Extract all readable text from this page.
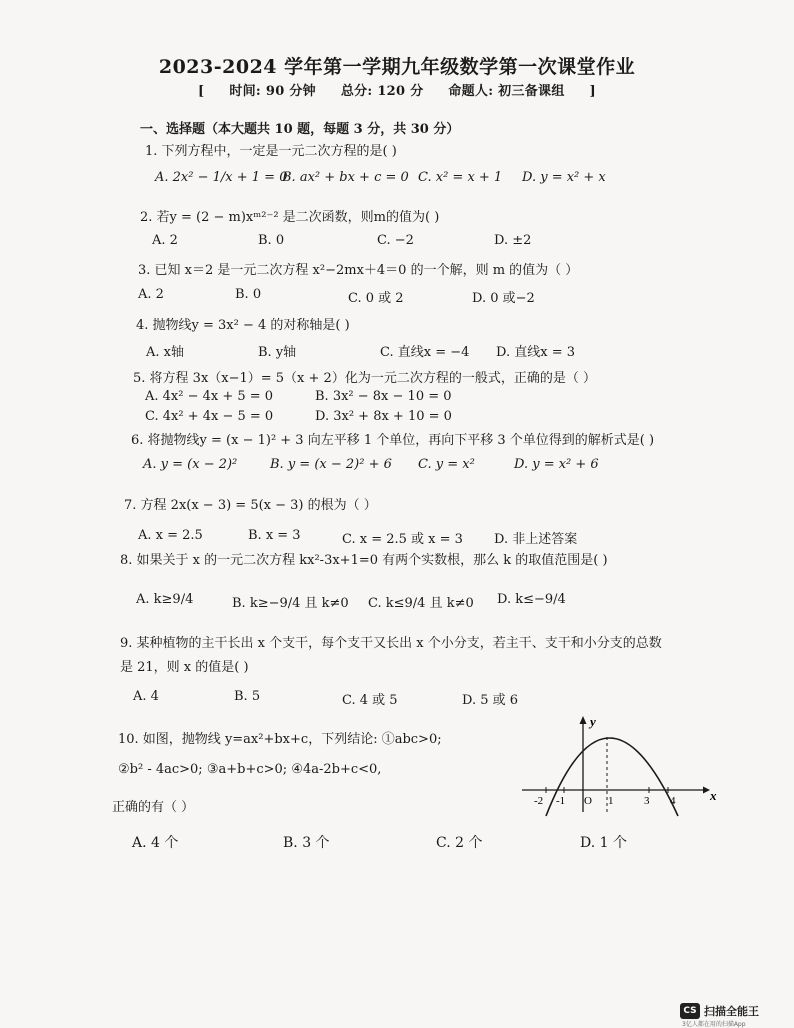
2023-2024 学年第一学期九年级数学第一次课堂作业
[ 时间: 90 分钟 总分: 120 分 命题人: 初三备课组 ]
一、选择题（本大题共 10 题，每题 3 分，共 30 分）
1. 下列方程中，一定是一元二次方程的是( )
A. 2x² − 1/x + 1 = 0
B. ax² + bx + c = 0 C. x² = x + 1 D. y = x² + x
2. 若y = (2 − m)xᵐ²⁻² 是二次函数，则m的值为( )
A. 2	B. 0	C. −2	D. ±2
3. 已知 x＝2 是一元二次方程 x²−2mx＋4＝0 的一个解，则 m 的值为（ ）
A. 2	B. 0	C. 0 或 2	D. 0 或−2
4. 抛物线y = 3x² − 4 的对称轴是( )
A. x轴	B. y轴	C. 直线x = −4 D. 直线x = 3
5. 将方程 3x（x−1）= 5（x + 2）化为一元二次方程的一般式，正确的是（ ）
A. 4x² − 4x + 5 = 0	B. 3x² − 8x − 10 = 0
C. 4x² + 4x − 5 = 0	D. 3x² + 8x + 10 = 0
6. 将抛物线y = (x − 1)² + 3 向左平移 1 个单位，再向下平移 3 个单位得到的解析式是( )
A. y = (x − 2)²	B. y = (x − 2)² + 6 C. y = x²	D. y = x² + 6
7. 方程 2x(x − 3) = 5(x − 3) 的根为（ ）
A. x = 2.5	B. x = 3	C. x = 2.5 或 x = 3 D. 非上述答案
8. 如果关于 x 的一元二次方程 kx²-3x+1=0 有两个实数根，那么 k 的取值范围是( )
A. k≥9/4	B. k≥−9/4 且 k≠0 C. k≤9/4 且 k≠0 D. k≤−9/4
9. 某种植物的主干长出 x 个支干，每个支干又长出 x 个小分支，若主干、支干和小分支的总数
是 21，则 x 的值是( )
A. 4	B. 5	C. 4 或 5	D. 5 或 6
10. 如图，抛物线 y=ax²+bx+c，下列结论: ①abc>0;
②b² - 4ac>0; ③a+b+c>0; ④4a-2b+c<0,
正确的有（ ）
A. 4 个	B. 3 个	C. 2 个	D. 1 个
x
y
O
-2 -1	1	3 4
CS 扫描全能王
3亿人都在用的扫描App
